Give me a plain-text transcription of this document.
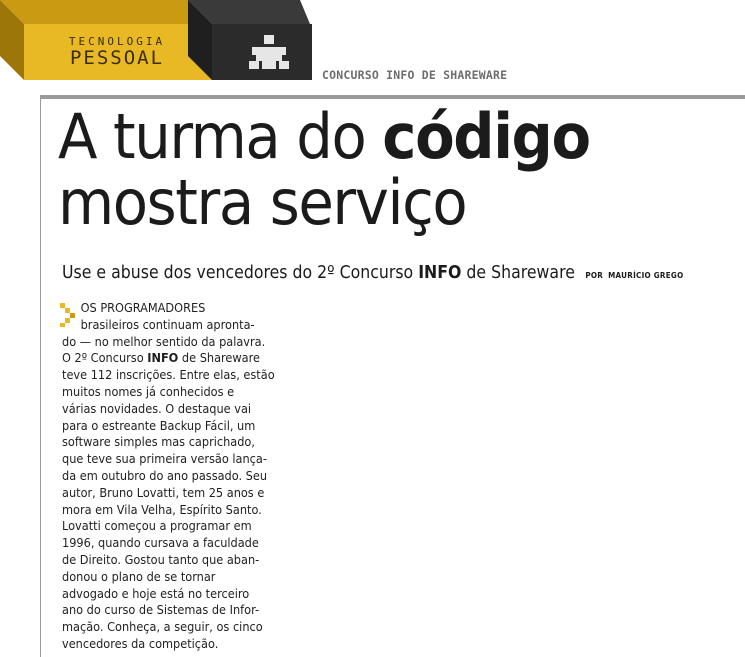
TECNOLOGIA
PESSOAL
CONCURSO INFO DE SHAREWARE
A turma do código
mostra serviço
Use e abuse dos vencedores do 2º Concurso INFO de Shareware POR MAURÍCIO GREGO
OS PROGRAMADORES
brasileiros continuam apronta-
do — no melhor sentido da palavra.
O 2º Concurso INFO de Shareware
teve 112 inscrições. Entre elas, estão
muitos nomes já conhecidos e
várias novidades. O destaque vai
para o estreante Backup Fácil, um
software simples mas caprichado,
que teve sua primeira versão lança-
da em outubro do ano passado. Seu
autor, Bruno Lovatti, tem 25 anos e
mora em Vila Velha, Espírito Santo.
Lovatti começou a programar em
1996, quando cursava a faculdade
de Direito. Gostou tanto que aban-
donou o plano de se tornar
advogado e hoje está no terceiro
ano do curso de Sistemas de Infor-
mação. Conheça, a seguir, os cinco
vencedores da competição.
